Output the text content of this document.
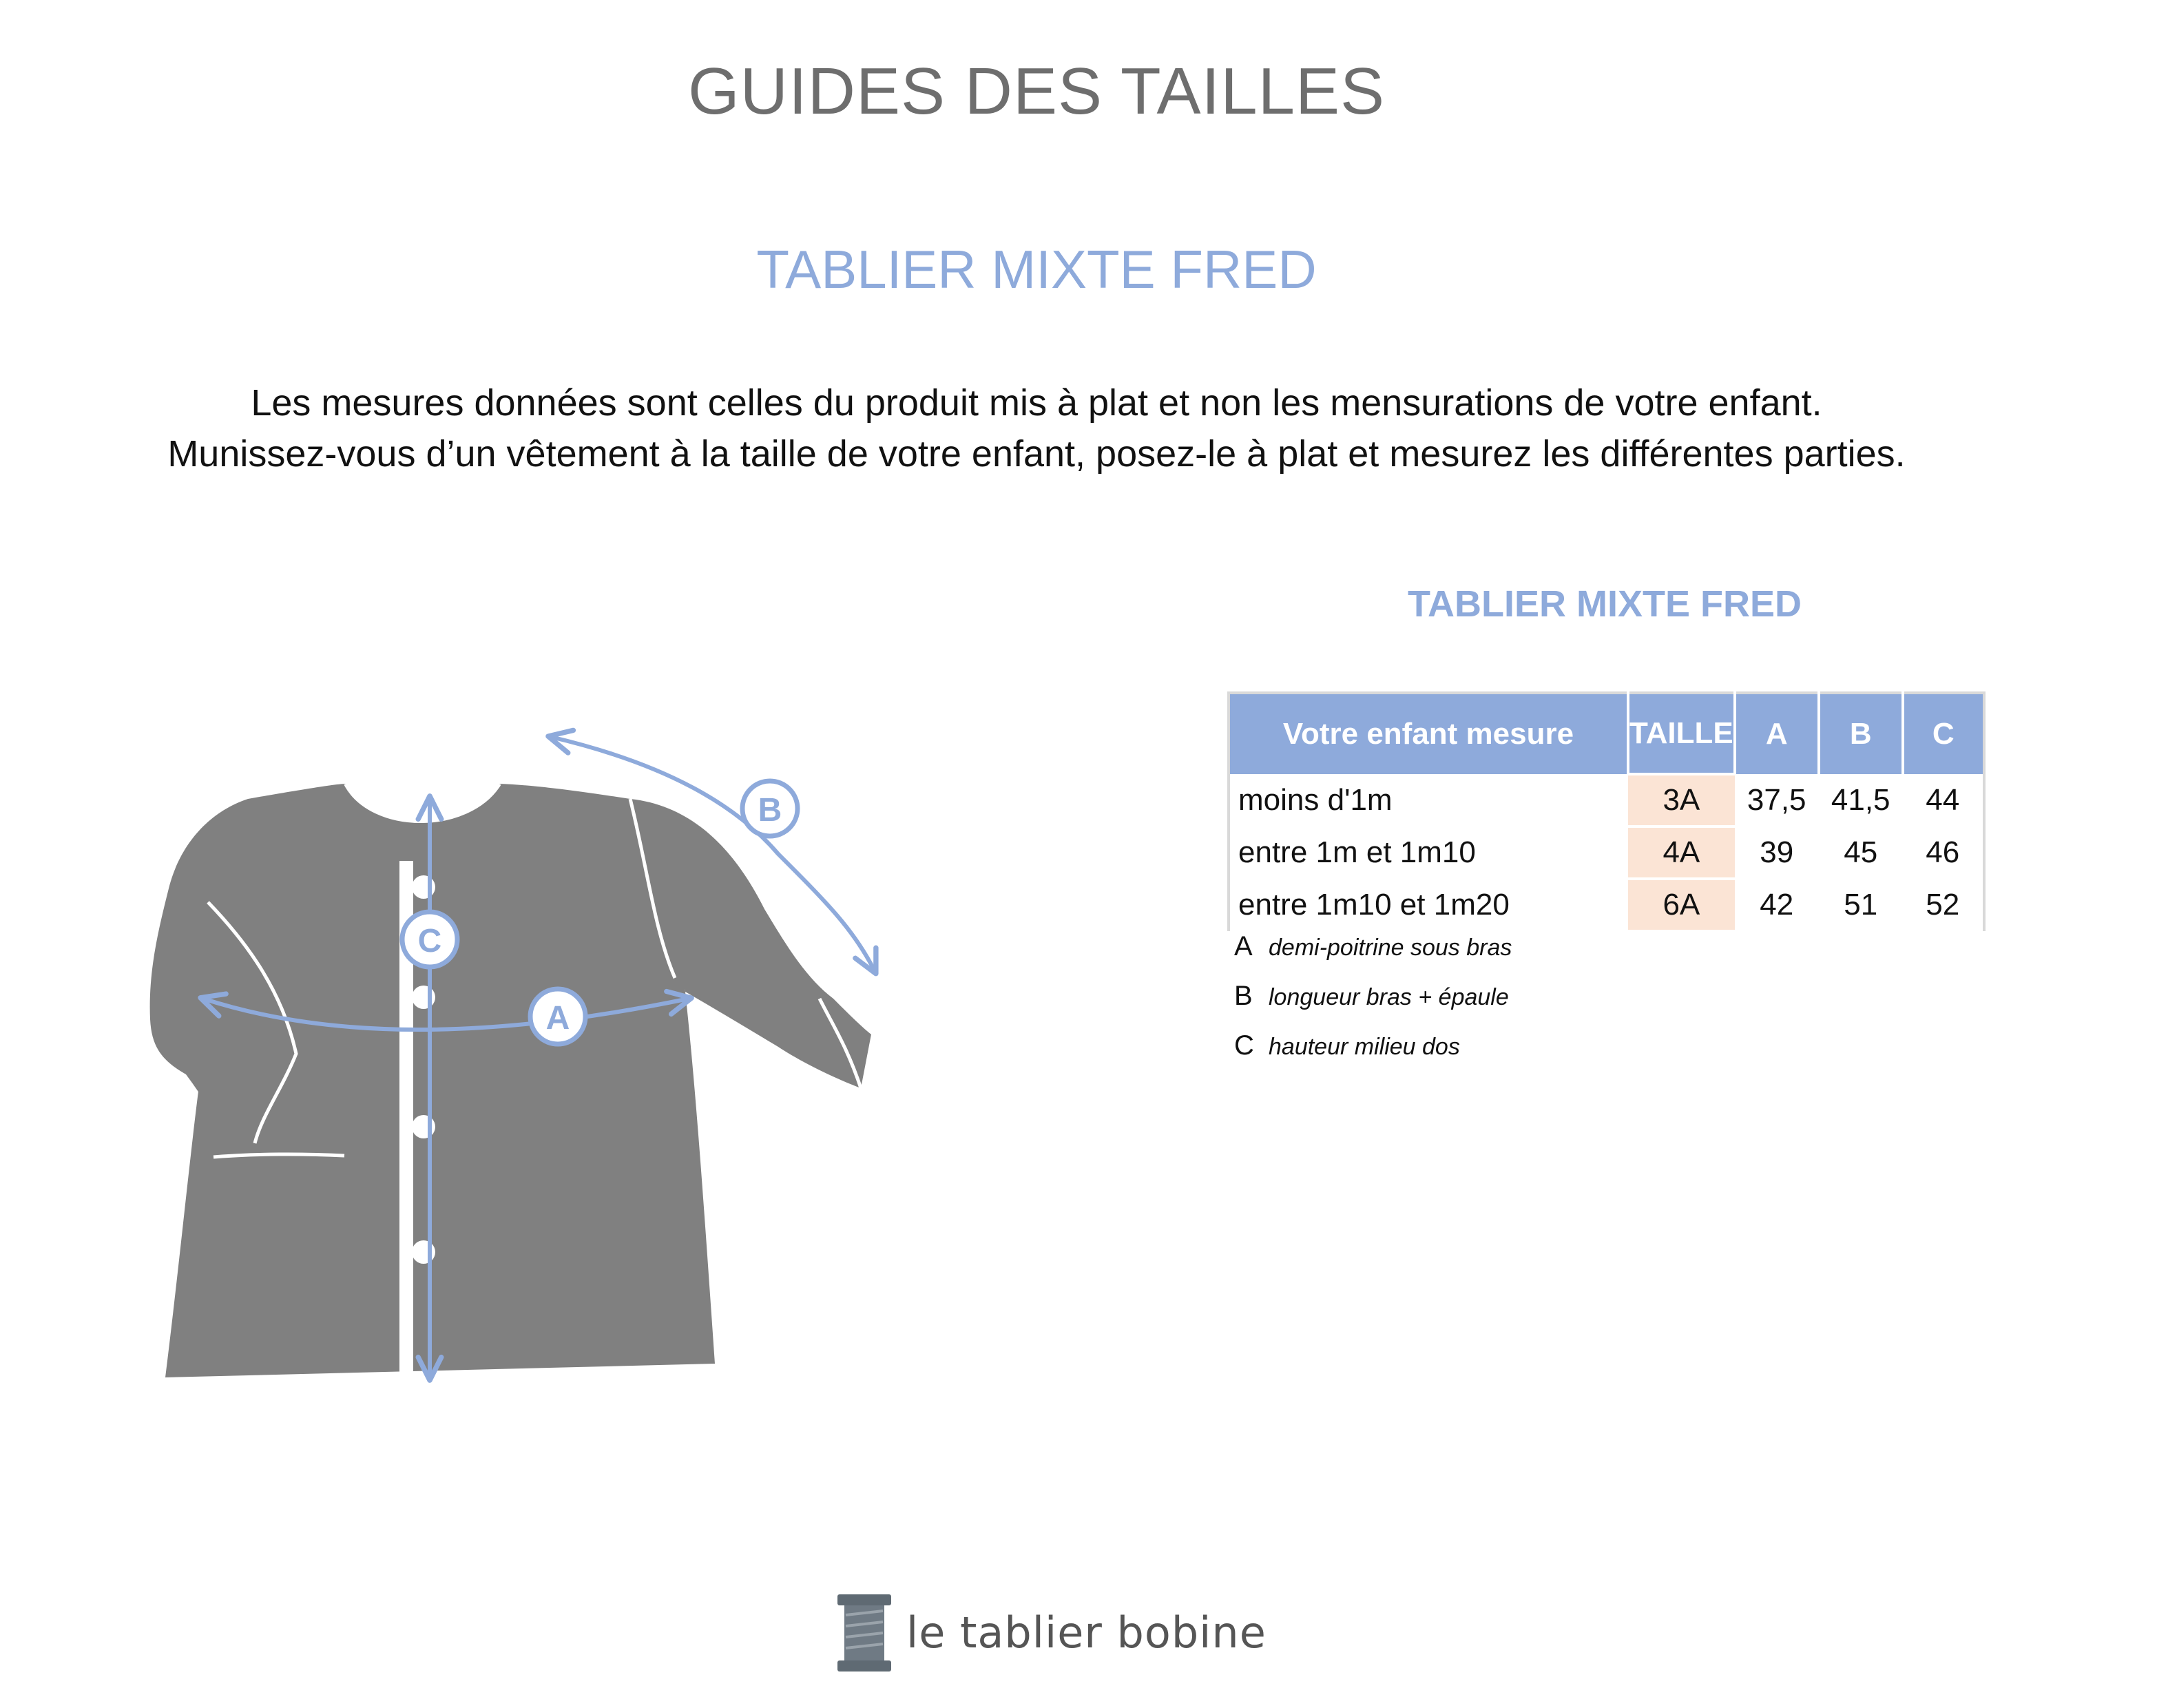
GUIDES DES TAILLES
TABLIER MIXTE FRED
Les mesures données sont celles du produit mis à plat et non les mensurations de votre enfant.
Munissez-vous d’un vêtement à la taille de votre enfant, posez-le à plat et mesurez les différentes parties.
A
B
C
TABLIER MIXTE FRED
Votre enfant mesure	TAILLE	A	B	C
moins d'1m	3A	37,5	41,5	44
entre 1m et 1m10	4A	39	45	46
entre 1m10 et 1m20	6A	42	51	52
A demi-poitrine sous bras
B longueur bras + épaule
C hauteur milieu dos
le tablier bobine
